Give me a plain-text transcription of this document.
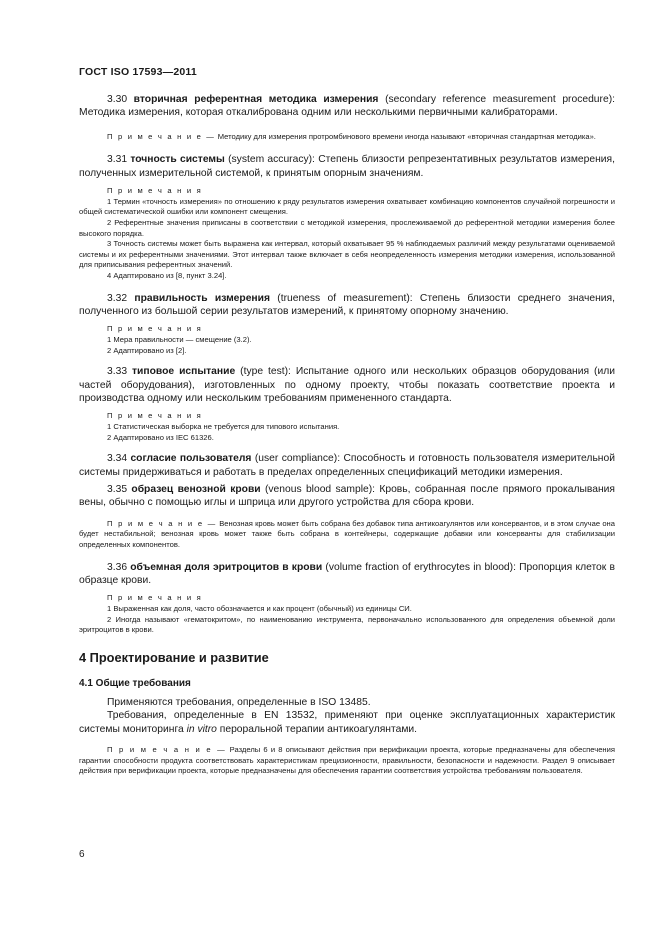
ГОСТ ISO 17593—2011

3.30 вторичная референтная методика измерения (secondary reference measurement procedure): Методика измерения, которая откалиброванa одним или несколькими первичными калибраторами.

П р и м е ч а н и е — Методику для измерения протромбинового времени иногда называют «вторичная стандартная методика».

3.31 точность системы (system accuracy): Степень близости репрезентативных результатов измерения, полученных измерительной системой, к принятым опорным значениям.

П р и м е ч а н и я

1 Термин «точность измерения» по отношению к ряду результатов измерения охватывает комбинацию компонентов случайной погрешности и общей систематической ошибки или компонент смещения.

2 Референтные значения приписаны в соответствии с методикой измерения, прослеживаемой до референтной методики измерения более высокого порядка.

3 Точность системы может быть выражена как интервал, который охватывает 95 % наблюдаемых различий между результатами оцениваемой системы и их референтными значениями. Этот интервал также включает в себя неопределенность измерения методики измерения, использованной для приписывания референтных значений.

4 Адаптировано из [8, пункт 3.24].

3.32 правильность измерения (trueness of measurement): Степень близости среднего значения, полученного из большой серии результатов измерений, к принятому опорному значению.

П р и м е ч а н и я

1 Мера правильности — смещение (3.2).

2 Адаптировано из [2].

3.33 типовое испытание (type test): Испытание одного или нескольких образцов оборудования (или частей оборудования), изготовленных по одному проекту, чтобы показать соответствие проекта и производства одному или нескольким требованиям примененного стандарта.

П р и м е ч а н и я

1 Статистическая выборка не требуется для типового испытания.

2 Адаптировано из IEC 61326.

3.34 согласие пользователя (user compliance): Способность и готовность пользователя измерительной системы придерживаться и работать в пределах определенных спецификаций методики измерения.

3.35 образец венозной крови (venous blood sample): Кровь, собранная после прямого прокалывания вены, обычно с помощью иглы и шприца или другого устройства для сбора крови.

П р и м е ч а н и е — Венозная кровь может быть собрана без добавок типа антикоагулянтов или консервантов, и в этом случае она будет нестабильной; венозная кровь может также быть собрана в контейнеры, содержащие добавки или консерванты для стабилизации определенных компонентов.

3.36 объемная доля эритроцитов в крови (volume fraction of erythrocytes in blood): Пропорция клеток в образце крови.

П р и м е ч а н и я

1 Выраженная как доля, часто обозначается и как процент (обычный) из единицы СИ.

2 Иногда называют «гематокритом», по наименованию инструмента, первоначально использованного для определения объемной доли эритроцитов в крови.

4 Проектирование и развитие

4.1 Общие требования

Применяются требования, определенные в ISO 13485.

Требования, определенные в EN 13532, применяют при оценке эксплуатационных характеристик системы мониторинга in vitro пероральной терапии антикоагулянтами.

П р и м е ч а н и е — Разделы 6 и 8 описывают действия при верификации проекта, которые предназначены для обеспечения гарантии способности продукта соответствовать характеристикам прецизионности, правильности, безопасности и надежности. Раздел 9 описывает действия при верификации проекта, которые предназначены для обеспечения гарантии соответствия устройства требованиям пользователя.

6
